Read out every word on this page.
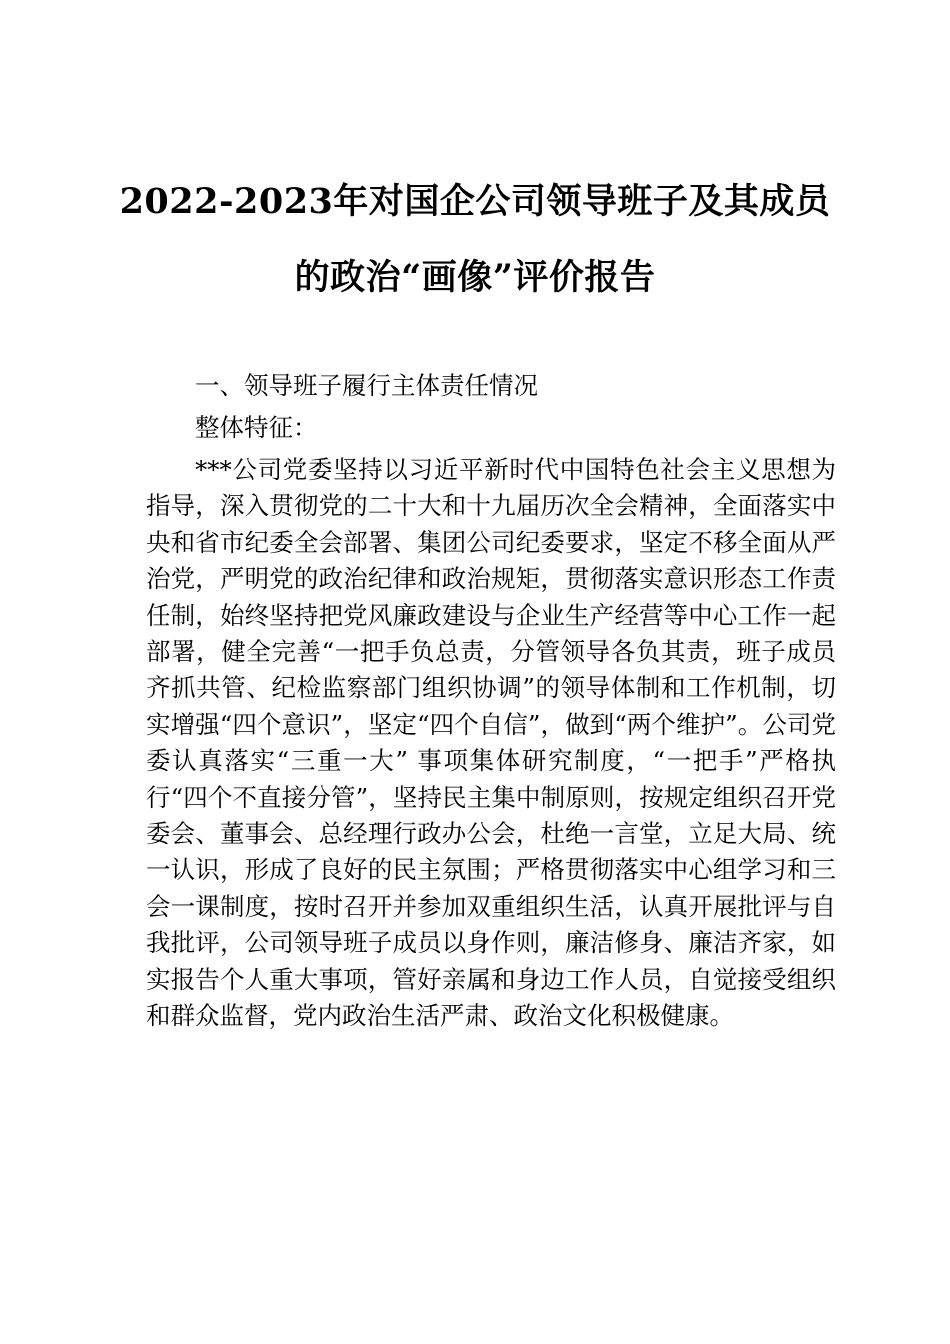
2022-2023年对国企公司领导班子及其成员
的政治“画像”评价报告

一、领导班子履行主体责任情况

整体特征：

***公司党委坚持以习近平新时代中国特色社会主义思想为指导，深入贯彻党的二十大和十九届历次全会精神，全面落实中央和省市纪委全会部署、集团公司纪委要求，坚定不移全面从严治党，严明党的政治纪律和政治规矩，贯彻落实意识形态工作责任制，始终坚持把党风廉政建设与企业生产经营等中心工作一起部署，健全完善“一把手负总责，分管领导各负其责，班子成员齐抓共管、纪检监察部门组织协调”的领导体制和工作机制，切实增强“四个意识”，坚定“四个自信”，做到“两个维护”。公司党委认真落实“三重一大” 事项集体研究制度，“一把手”严格执行“四个不直接分管”，坚持民主集中制原则，按规定组织召开党委会、董事会、总经理行政办公会，杜绝一言堂，立足大局、统一认识，形成了良好的民主氛围；严格贯彻落实中心组学习和三会一课制度，按时召开并参加双重组织生活，认真开展批评与自我批评，公司领导班子成员以身作则，廉洁修身、廉洁齐家，如实报告个人重大事项，管好亲属和身边工作人员，自觉接受组织和群众监督，党内政治生活严肃、政治文化积极健康。
